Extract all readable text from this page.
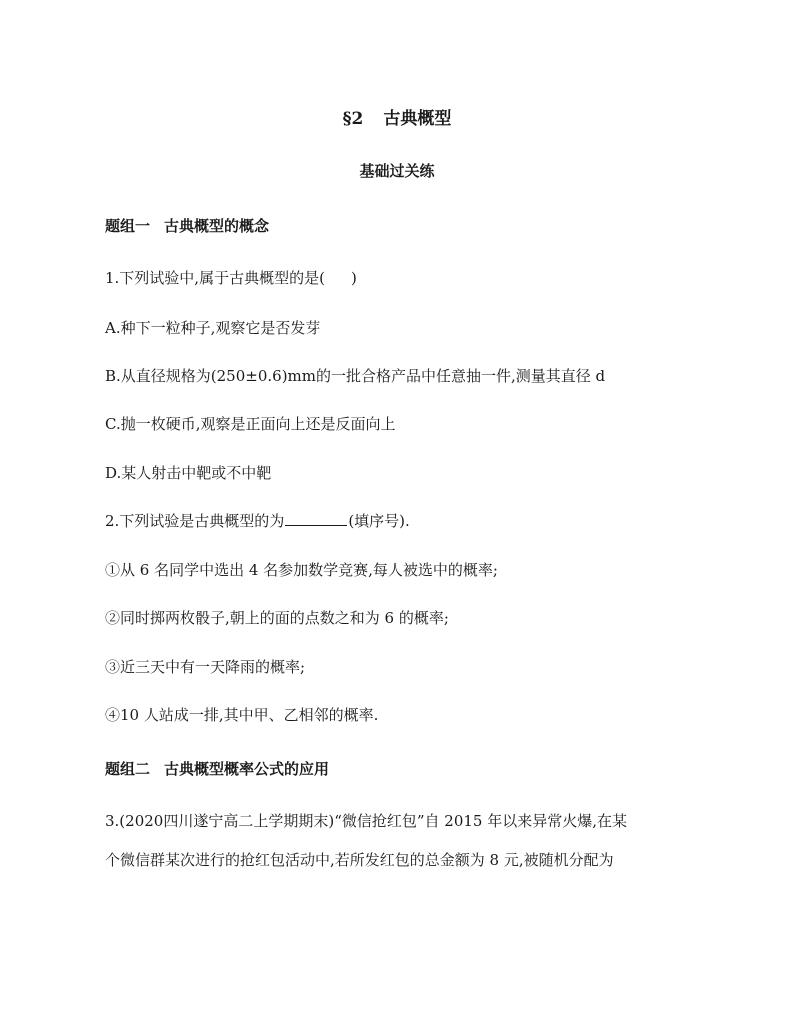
§2 古典概型
基础过关练
题组一 古典概型的概念
1.下列试验中,属于古典概型的是( )
A.种下一粒种子,观察它是否发芽
B.从直径规格为(250±0.6)mm的一批合格产品中任意抽一件,测量其直径 d
C.抛一枚硬币,观察是正面向上还是反面向上
D.某人射击中靶或不中靶
2.下列试验是古典概型的为	(填序号).
①从 6 名同学中选出 4 名参加数学竞赛,每人被选中的概率;
②同时掷两枚骰子,朝上的面的点数之和为 6 的概率;
③近三天中有一天降雨的概率;
④10 人站成一排,其中甲、乙相邻的概率.
题组二 古典概型概率公式的应用
3.(2020四川遂宁高二上学期期末)“微信抢红包”自 2015 年以来异常火爆,在某
个微信群某次进行的抢红包活动中,若所发红包的总金额为 8 元,被随机分配为
